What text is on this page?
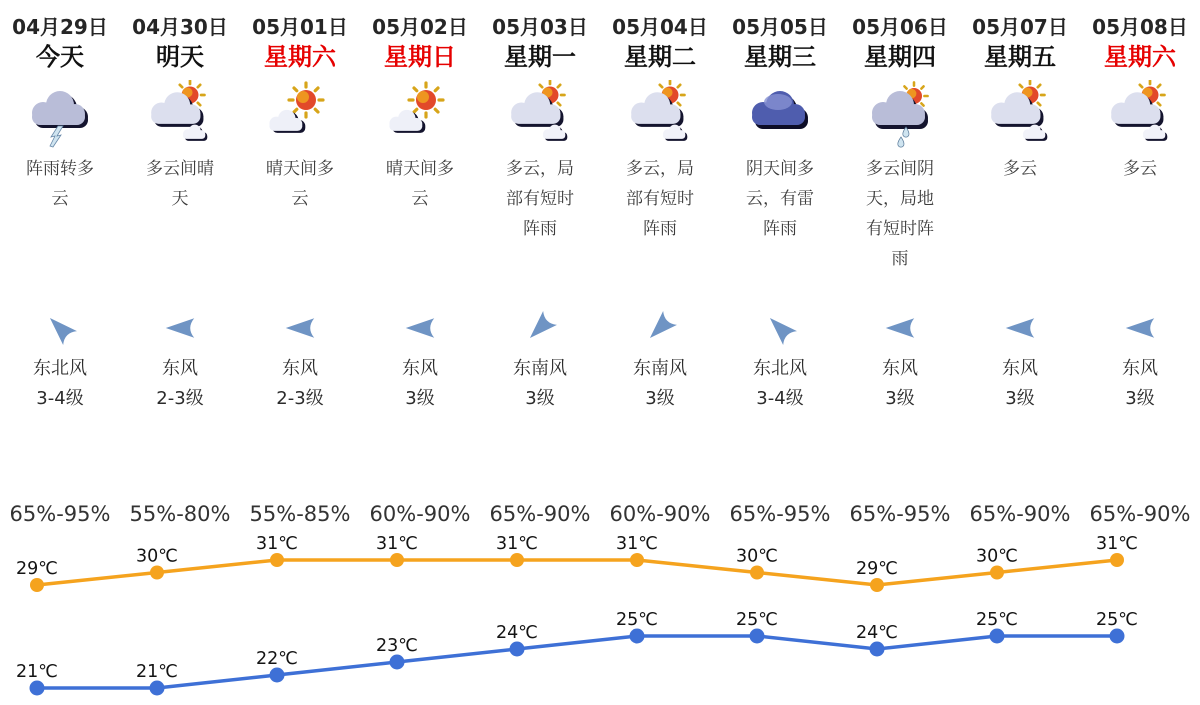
04月29日
今天
阵雨转多云
东北风
3-4级
65%-95%
04月30日
明天
多云间晴天
东风
2-3级
55%-80%
05月01日
星期六
晴天间多云
东风
2-3级
55%-85%
05月02日
星期日
晴天间多云
东风
3级
60%-90%
05月03日
星期一
多云，局部有短时阵雨
东南风
3级
65%-90%
05月04日
星期二
多云，局部有短时阵雨
东南风
3级
60%-90%
05月05日
星期三
阴天间多云，有雷阵雨
东北风
3-4级
65%-95%
05月06日
星期四
多云间阴天，局地有短时阵雨
东风
3级
65%-95%
05月07日
星期五
多云
东风
3级
65%-90%
05月08日
星期六
多云
东风
3级
65%-90%
29℃
30℃
31℃	31℃	31℃	31℃
30℃
29℃
30℃
31℃
21℃	21℃
22℃
23℃
24℃
25℃	25℃
24℃
25℃	25℃
